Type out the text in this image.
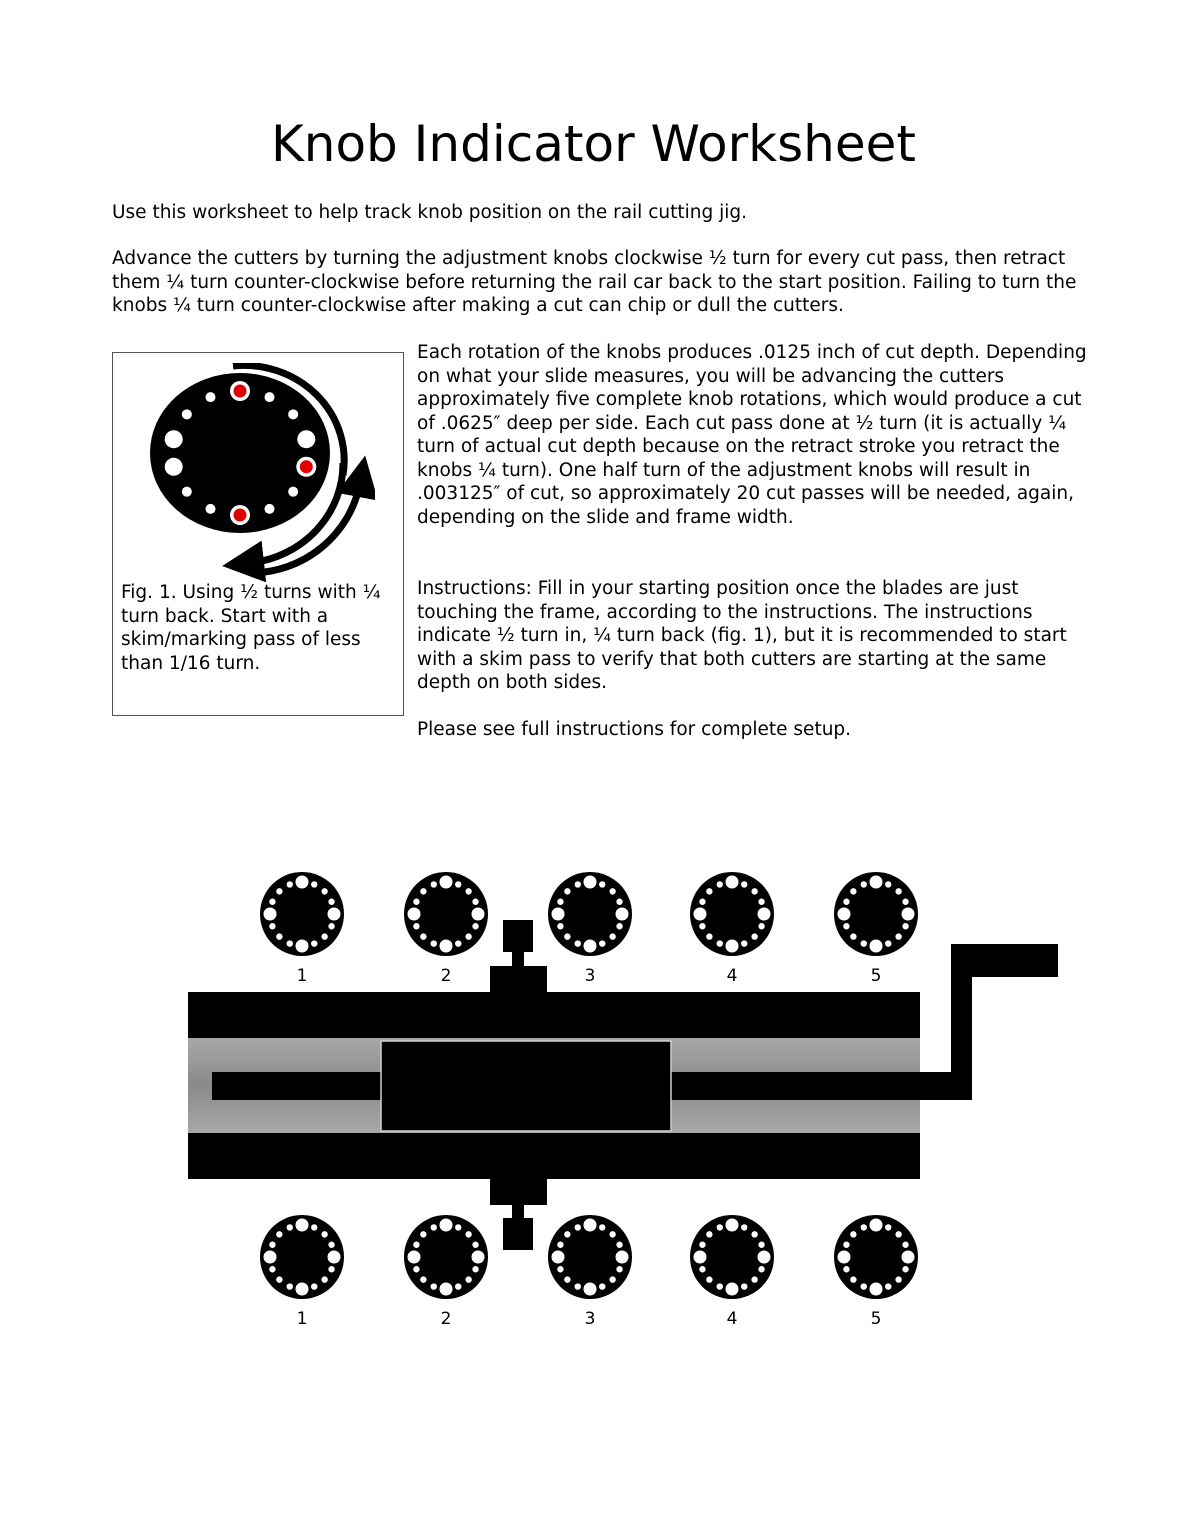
Knob Indicator Worksheet

Use this worksheet to help track knob position on the rail cutting jig.

Advance the cutters by turning the adjustment knobs clockwise ½ turn for every cut pass, then retract them ¼ turn counter-clockwise before returning the rail car back to the start position. Failing to turn the knobs ¼ turn counter-clockwise after making a cut can chip or dull the cutters.

Fig. 1. Using ½ turns with ¼ turn back. Start with a skim/marking pass of less than 1/16 turn.

Each rotation of the knobs produces .0125 inch of cut depth. Depending on what your slide measures, you will be advancing the cutters approximately five complete knob rotations, which would produce a cut of .0625″ deep per side. Each cut pass done at ½ turn (it is actually ¼ turn of actual cut depth because on the retract stroke you retract the knobs ¼ turn). One half turn of the adjustment knobs will result in .003125″ of cut, so approximately 20 cut passes will be needed, again, depending on the slide and frame width.

Instructions: Fill in your starting position once the blades are just touching the frame, according to the instructions. The instructions indicate ½ turn in, ¼ turn back (fig. 1), but it is recommended to start with a skim pass to verify that both cutters are starting at the same depth on both sides.

Please see full instructions for complete setup.

1	2	3	4	5
1	2	3	4	5
